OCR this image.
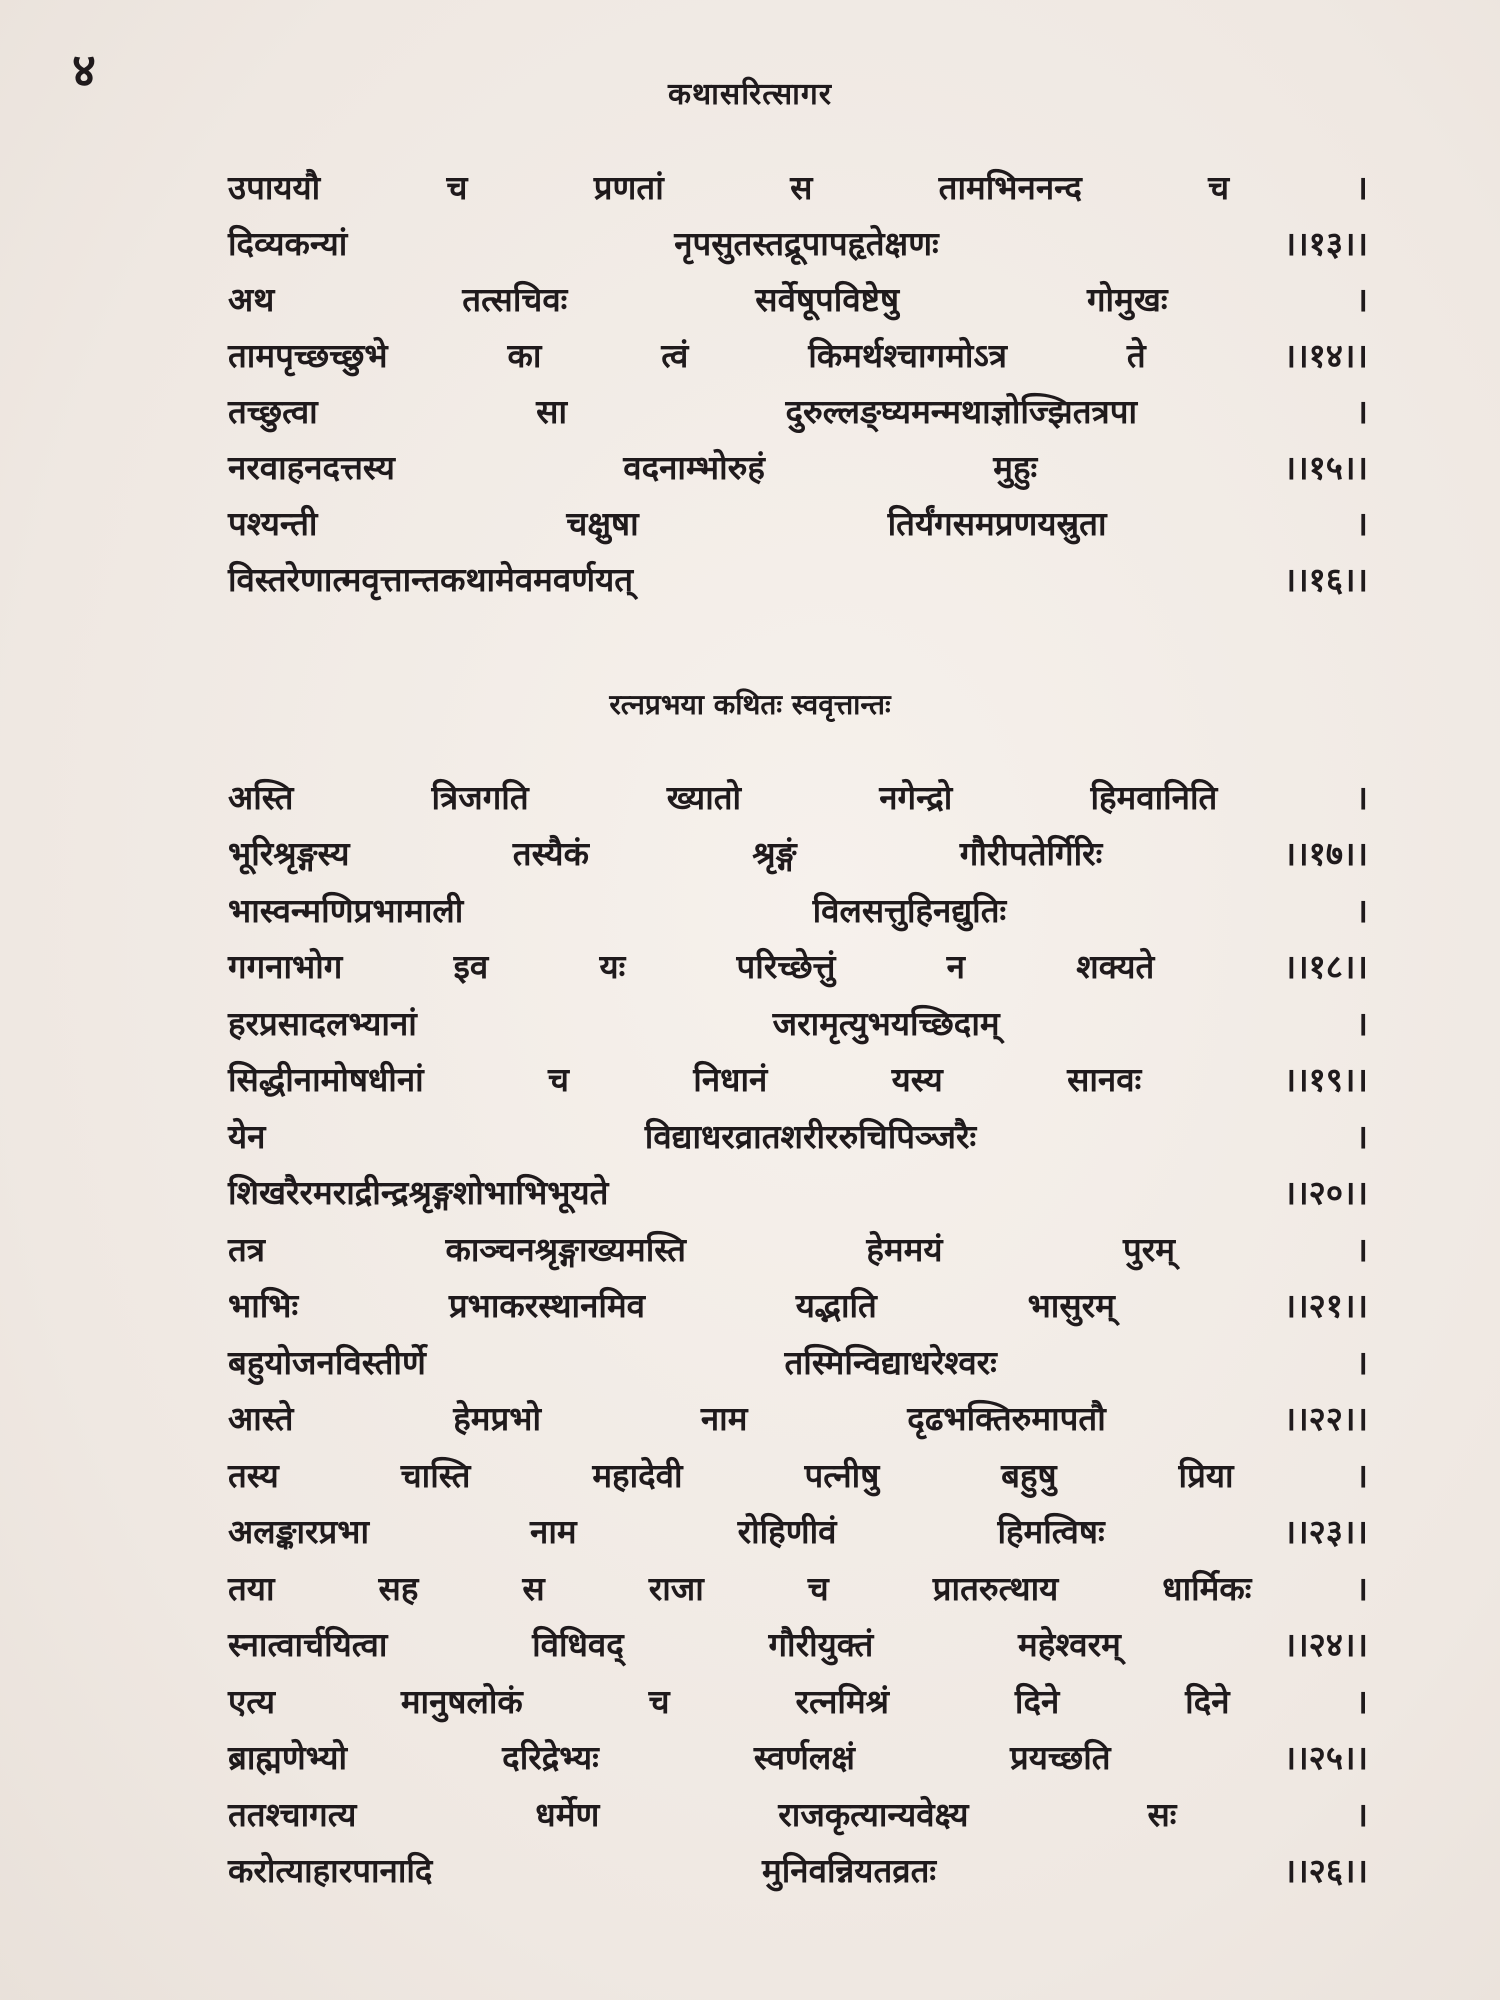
४	कथासरित्सागर
रत्नप्रभया कथितः स्ववृत्तान्तः
उपाययौ	च	प्रणतां	स	तामभिननन्द	च	।
दिव्यकन्यां	नृपसुतस्तद्रूपापहृतेक्षणः	।।१३।।
अथ	तत्सचिवः	सर्वेषूपविष्टेषु	गोमुखः	।
तामपृच्छच्छुभे	का	त्वं	किमर्थश्चागमोऽत्र	ते	।।१४।।
तच्छुत्वा	सा	दुरुल्लङ्घ्यमन्मथाज्ञोज्झितत्रपा	।
नरवाहनदत्तस्य	वदनाम्भोरुहं	मुहुः	।।१५।।
पश्यन्ती	चक्षुषा	तिर्यंगसमप्रणयस्रुता	।
विस्तरेणात्मवृत्तान्तकथामेवमवर्णयत्	।।१६।।
अस्ति	त्रिजगति	ख्यातो	नगेन्द्रो	हिमवानिति	।
भूरिश्रृङ्गस्य	तस्यैकं	श्रृङ्गं	गौरीपतेर्गिरिः	।।१७।।
भास्वन्मणिप्रभामाली	विलसत्तुहिनद्युतिः	।
गगनाभोग	इव	यः	परिच्छेत्तुं	न	शक्यते	।।१८।।
हरप्रसादलभ्यानां	जरामृत्युभयच्छिदाम्	।
सिद्धीनामोषधीनां	च	निधानं	यस्य	सानवः	।।१९।।
येन	विद्याधरव्रातशरीररुचिपिञ्जरैः	।
शिखरैरमराद्रीन्द्रश्रृङ्गशोभाभिभूयते	।।२०।।
तत्र	काञ्चनश्रृङ्गाख्यमस्ति	हेममयं	पुरम्	।
भाभिः	प्रभाकरस्थानमिव	यद्भाति	भासुरम्	।।२१।।
बहुयोजनविस्तीर्णे	तस्मिन्विद्याधरेश्वरः	।
आस्ते	हेमप्रभो	नाम	दृढभक्तिरुमापतौ	।।२२।।
तस्य	चास्ति	महादेवी	पत्नीषु	बहुषु	प्रिया	।
अलङ्कारप्रभा	नाम	रोहिणीवं	हिमत्विषः	।।२३।।
तया	सह	स	राजा	च	प्रातरुत्थाय	धार्मिकः	।
स्नात्वार्चयित्वा	विधिवद्	गौरीयुक्तं	महेश्वरम्	।।२४।।
एत्य	मानुषलोकं	च	रत्नमिश्रं	दिने	दिने	।
ब्राह्मणेभ्यो	दरिद्रेभ्यः	स्वर्णलक्षं	प्रयच्छति	।।२५।।
ततश्चागत्य	धर्मेण	राजकृत्यान्यवेक्ष्य	सः	।
करोत्याहारपानादि	मुनिवन्नियतव्रतः	।।२६।।
